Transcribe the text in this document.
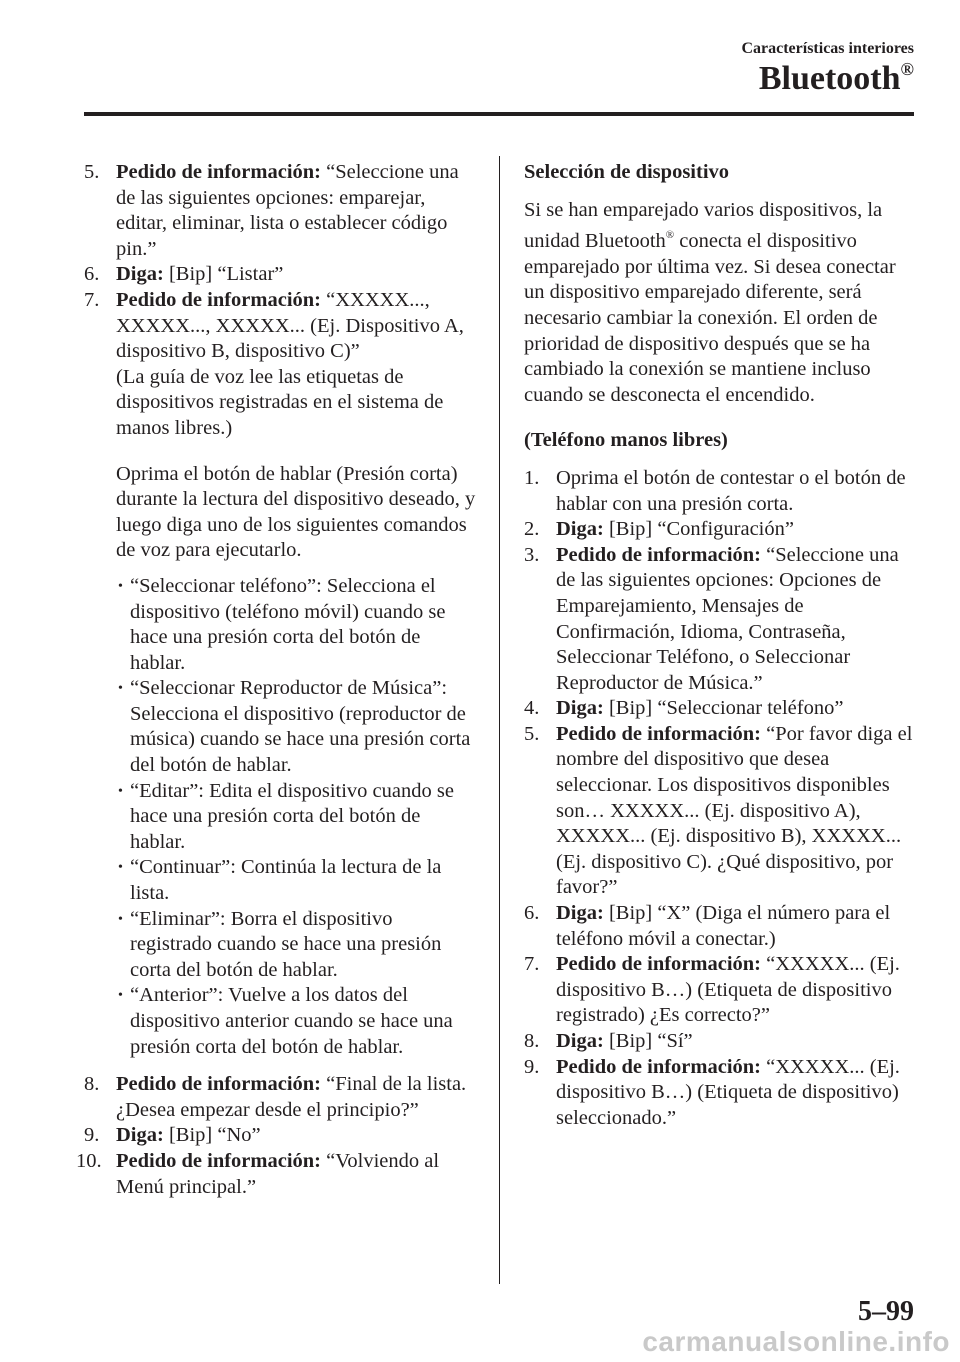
Características interiores
Bluetooth®

5. Pedido de información: “Seleccione una de las siguientes opciones: emparejar, editar, eliminar, lista o establecer código pin.”

6. Diga: [Bip] “Listar”

7. Pedido de información: “XXXXX..., XXXXX..., XXXXX... (Ej. Dispositivo A, dispositivo B, dispositivo C)”
(La guía de voz lee las etiquetas de dispositivos registradas en el sistema de manos libres.)

Oprima el botón de hablar (Presión corta) durante la lectura del dispositivo deseado, y luego diga uno de los siguientes comandos de voz para ejecutarlo.

• “Seleccionar teléfono”: Selecciona el dispositivo (teléfono móvil) cuando se hace una presión corta del botón de hablar.

• “Seleccionar Reproductor de Música”: Selecciona el dispositivo (reproductor de música) cuando se hace una presión corta del botón de hablar.

• “Editar”: Edita el dispositivo cuando se hace una presión corta del botón de hablar.

• “Continuar”: Continúa la lectura de la lista.

• “Eliminar”: Borra el dispositivo registrado cuando se hace una presión corta del botón de hablar.

• “Anterior”: Vuelve a los datos del dispositivo anterior cuando se hace una presión corta del botón de hablar.

8. Pedido de información: “Final de la lista. ¿Desea empezar desde el principio?”

9. Diga: [Bip] “No”

10. Pedido de información: “Volviendo al Menú principal.”

Selección de dispositivo

Si se han emparejado varios dispositivos, la unidad Bluetooth® conecta el dispositivo emparejado por última vez. Si desea conectar un dispositivo emparejado diferente, será necesario cambiar la conexión. El orden de prioridad de dispositivo después que se ha cambiado la conexión se mantiene incluso cuando se desconecta el encendido.

(Teléfono manos libres)

1. Oprima el botón de contestar o el botón de hablar con una presión corta.

2. Diga: [Bip] “Configuración”

3. Pedido de información: “Seleccione una de las siguientes opciones: Opciones de Emparejamiento, Mensajes de Confirmación, Idioma, Contraseña, Seleccionar Teléfono, o Seleccionar Reproductor de Música.”

4. Diga: [Bip] “Seleccionar teléfono”

5. Pedido de información: “Por favor diga el nombre del dispositivo que desea seleccionar. Los dispositivos disponibles son… XXXXX... (Ej. dispositivo A), XXXXX... (Ej. dispositivo B), XXXXX... (Ej. dispositivo C). ¿Qué dispositivo, por favor?”

6. Diga: [Bip] “X” (Diga el número para el teléfono móvil a conectar.)

7. Pedido de información: “XXXXX... (Ej. dispositivo B…) (Etiqueta de dispositivo registrado) ¿Es correcto?”

8. Diga: [Bip] “Sí”

9. Pedido de información: “XXXXX... (Ej. dispositivo B…) (Etiqueta de dispositivo) seleccionado.”

5–99
carmanualsonline.info
